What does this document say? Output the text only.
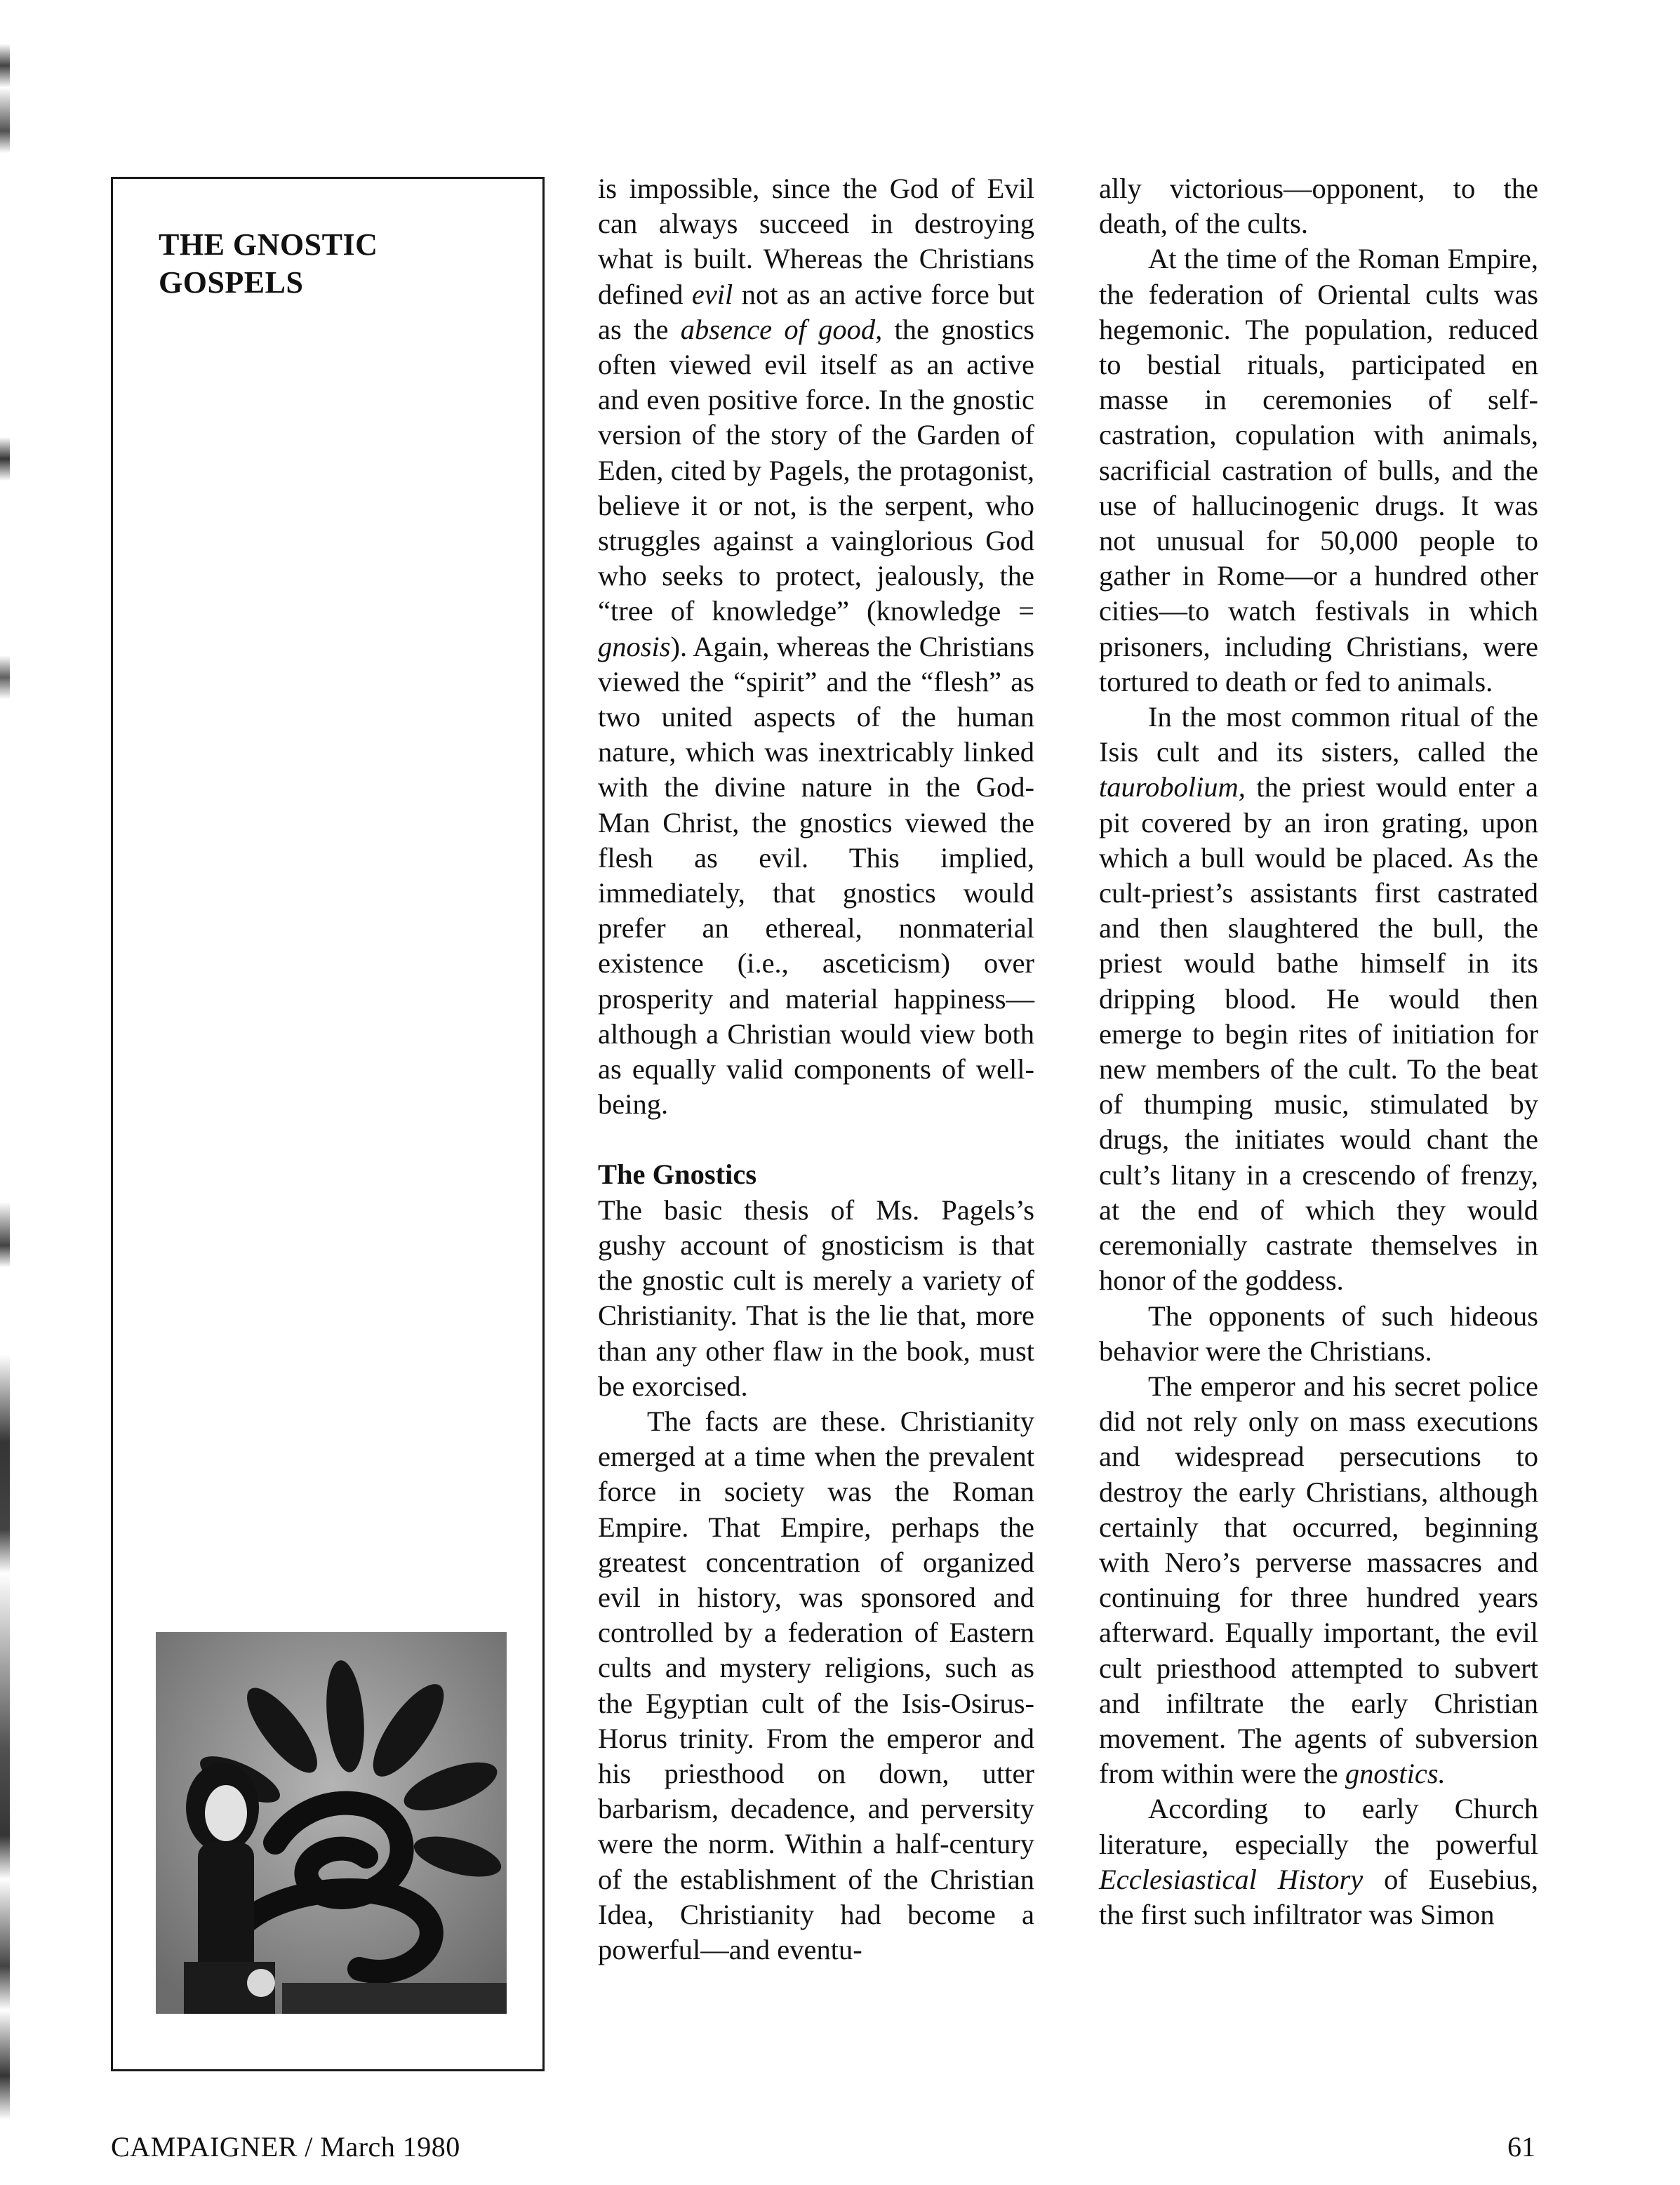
THE GNOSTIC
GOSPELS

is impossible, since the God of Evil can always succeed in destroying what is built. Whereas the Christians defined evil not as an active force but as the absence of good, the gnostics often viewed evil itself as an active and even positive force. In the gnostic version of the story of the Garden of Eden, cited by Pagels, the protagonist, believe it or not, is the serpent, who struggles against a vainglorious God who seeks to protect, jealously, the “tree of knowledge” (knowledge = gnosis). Again, whereas the Christians viewed the “spirit” and the “flesh” as two united aspects of the human nature, which was inextricably linked with the divine nature in the God-Man Christ, the gnostics viewed the flesh as evil. This implied, immediately, that gnostics would prefer an ethereal, nonmaterial existence (i.e., asceticism) over prosperity and material happiness—although a Christian would view both as equally valid components of well-being.

The Gnostics

The basic thesis of Ms. Pagels’s gushy account of gnosticism is that the gnostic cult is merely a variety of Christianity. That is the lie that, more than any other flaw in the book, must be exorcised.

The facts are these. Christianity emerged at a time when the prevalent force in society was the Roman Empire. That Empire, perhaps the greatest concentration of organized evil in history, was sponsored and controlled by a federation of Eastern cults and mystery religions, such as the Egyptian cult of the Isis-Osirus-Horus trinity. From the emperor and his priesthood on down, utter barbarism, decadence, and perversity were the norm. Within a half-century of the establishment of the Christian Idea, Christianity had become a powerful—and eventu-

ally victorious—opponent, to the death, of the cults.

At the time of the Roman Empire, the federation of Oriental cults was hegemonic. The population, reduced to bestial rituals, participated en masse in ceremonies of self-castration, copulation with animals, sacrificial castration of bulls, and the use of hallucinogenic drugs. It was not unusual for 50,000 people to gather in Rome—or a hundred other cities—to watch festivals in which prisoners, including Christians, were tortured to death or fed to animals.

In the most common ritual of the Isis cult and its sisters, called the taurobolium, the priest would enter a pit covered by an iron grating, upon which a bull would be placed. As the cult-priest’s assistants first castrated and then slaughtered the bull, the priest would bathe himself in its dripping blood. He would then emerge to begin rites of initiation for new members of the cult. To the beat of thumping music, stimulated by drugs, the initiates would chant the cult’s litany in a crescendo of frenzy, at the end of which they would ceremonially castrate themselves in honor of the goddess.

The opponents of such hideous behavior were the Christians.

The emperor and his secret police did not rely only on mass executions and widespread persecutions to destroy the early Christians, although certainly that occurred, beginning with Nero’s perverse massacres and continuing for three hundred years afterward. Equally important, the evil cult priesthood attempted to subvert and infiltrate the early Christian movement. The agents of subversion from within were the gnostics.

According to early Church literature, especially the powerful Ecclesiastical History of Eusebius, the first such infiltrator was Simon

CAMPAIGNER / March 1980	61
